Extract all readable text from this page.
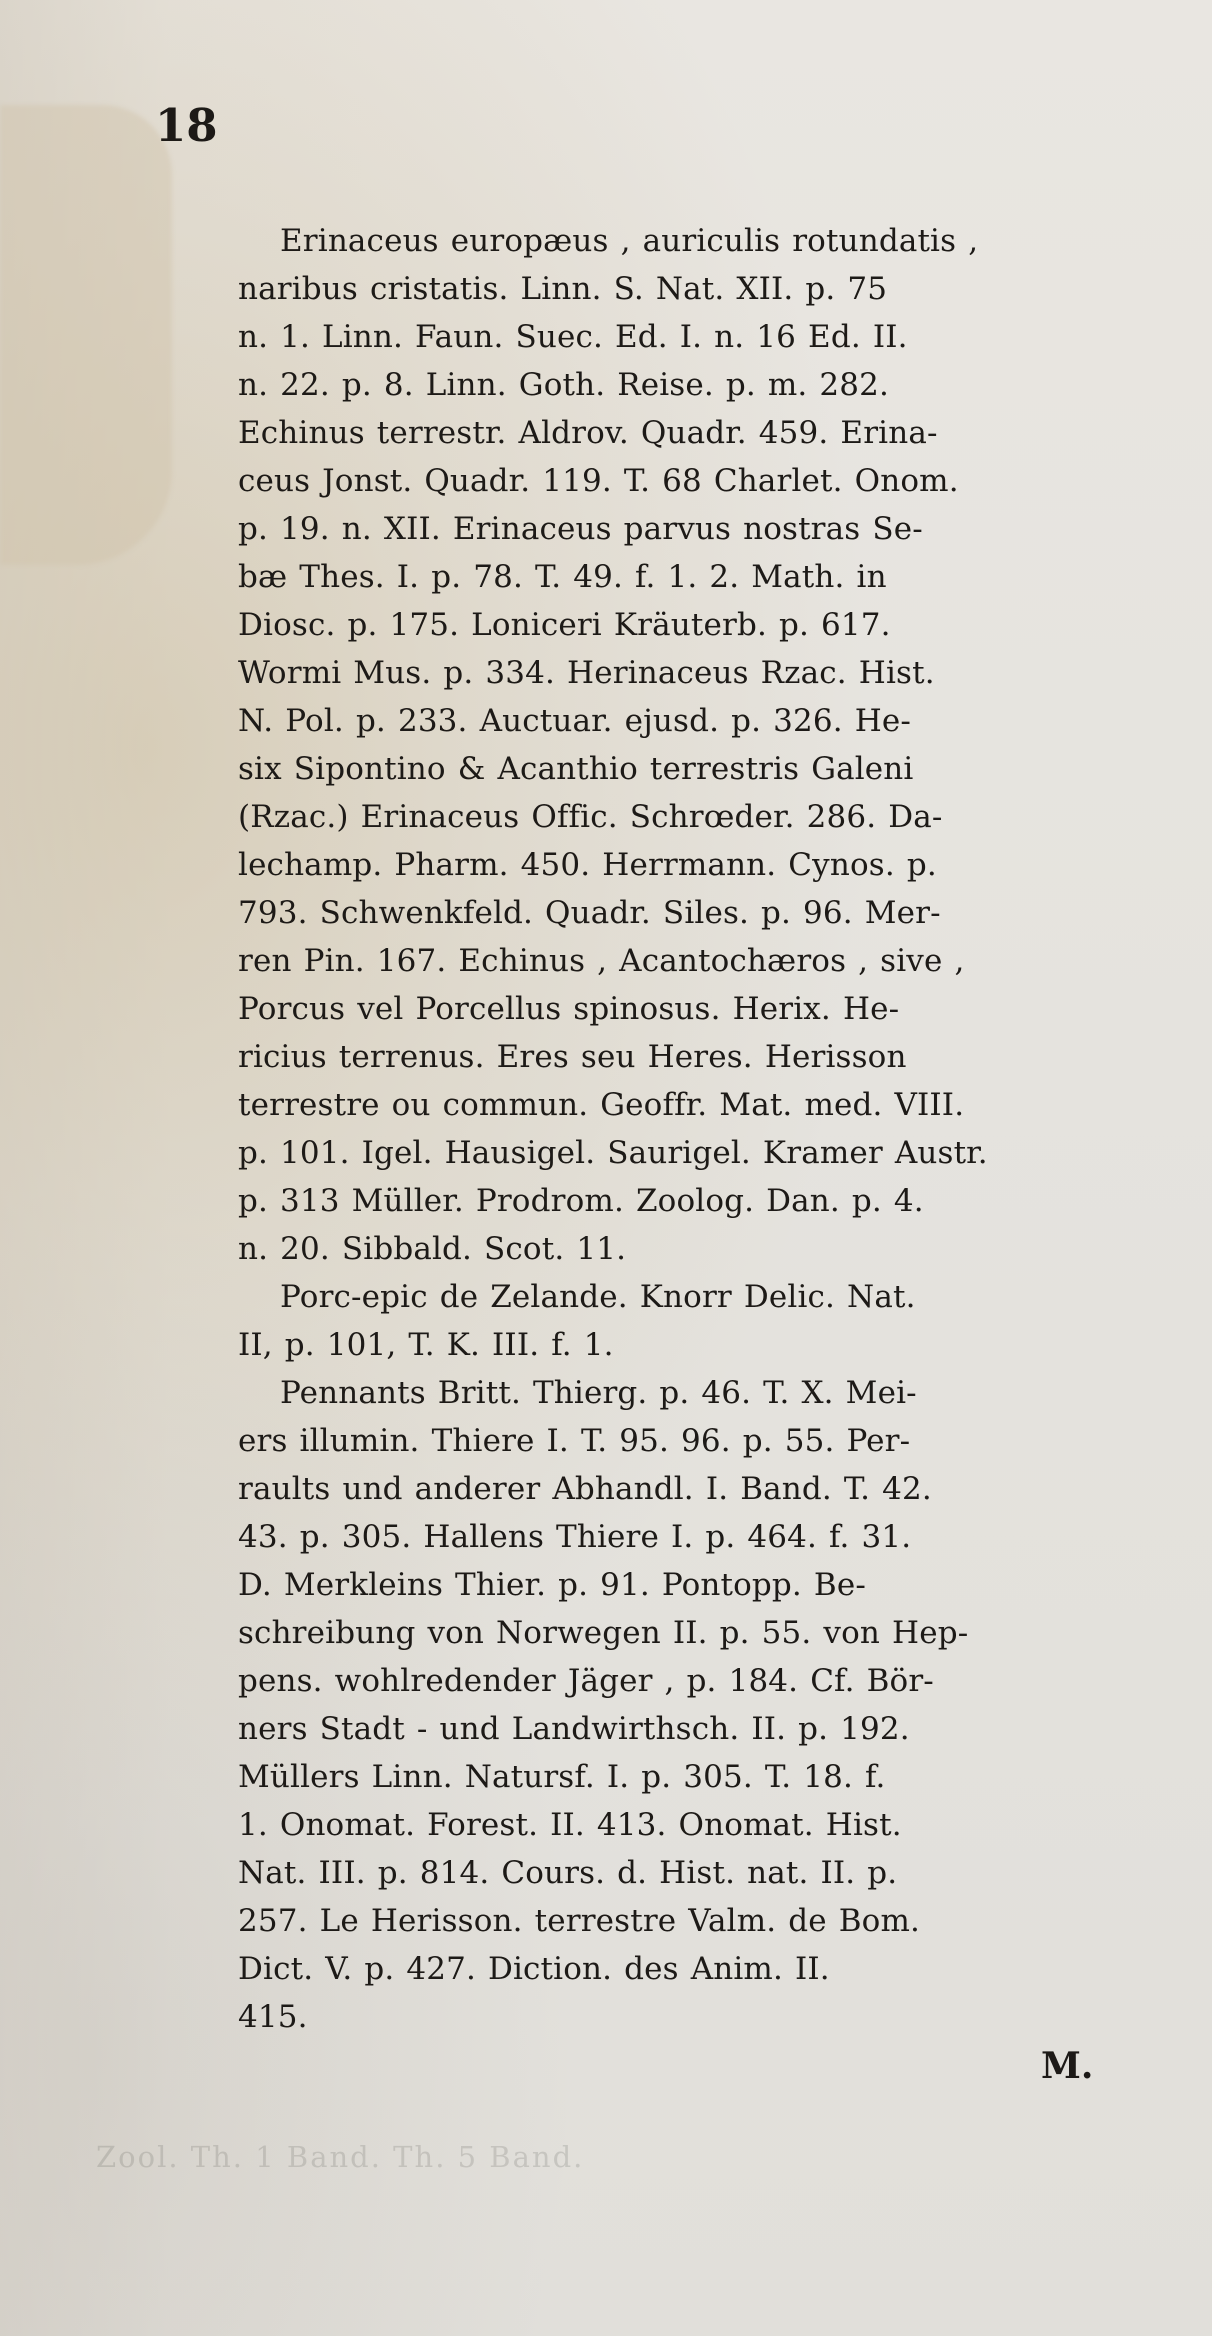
18
Erinaceus europæus , auriculis rotundatis ,
naribus cristatis. Linn. S. Nat. XII. p. 75
n. 1. Linn. Faun. Suec. Ed. I. n. 16 Ed. II.
n. 22. p. 8. Linn. Goth. Reise. p. m. 282.
Echinus terrestr. Aldrov. Quadr. 459. Erina-
ceus Jonst. Quadr. 119. T. 68 Charlet. Onom.
p. 19. n. XII. Erinaceus parvus nostras Se-
bæ Thes. I. p. 78. T. 49. f. 1. 2. Math. in
Diosc. p. 175. Loniceri Kräuterb. p. 617.
Wormi Mus. p. 334. Herinaceus Rzac. Hist.
N. Pol. p. 233. Auctuar. ejusd. p. 326. He-
six Sipontino & Acanthio terrestris Galeni
(Rzac.) Erinaceus Offic. Schrœder. 286. Da-
lechamp. Pharm. 450. Herrmann. Cynos. p.
793. Schwenkfeld. Quadr. Siles. p. 96. Mer-
ren Pin. 167. Echinus , Acantochæros , sive ,
Porcus vel Porcellus spinosus. Herix. He-
ricius terrenus. Eres seu Heres. Herisson
terrestre ou commun. Geoffr. Mat. med. VIII.
p. 101. Igel. Hausigel. Saurigel. Kramer Austr.
p. 313 Müller. Prodrom. Zoolog. Dan. p. 4.
n. 20. Sibbald. Scot. 11.
Porc-epic de Zelande. Knorr Delic. Nat.
II, p. 101, T. K. III. f. 1.
Pennants Britt. Thierg. p. 46. T. X. Mei-
ers illumin. Thiere I. T. 95. 96. p. 55. Per-
raults und anderer Abhandl. I. Band. T. 42.
43. p. 305. Hallens Thiere I. p. 464. f. 31.
D. Merkleins Thier. p. 91. Pontopp. Be-
schreibung von Norwegen II. p. 55. von Hep-
pens. wohlredender Jäger , p. 184. Cf. Bör-
ners Stadt - und Landwirthsch. II. p. 192.
Müllers Linn. Natursf. I. p. 305. T. 18. f.
1. Onomat. Forest. II. 413. Onomat. Hist.
Nat. III. p. 814. Cours. d. Hist. nat. II. p.
257. Le Herisson. terrestre Valm. de Bom.
Dict. V. p. 427. Diction. des Anim. II.
415.
M.
Zool. Th. 1 Band. Th. 5 Band.
